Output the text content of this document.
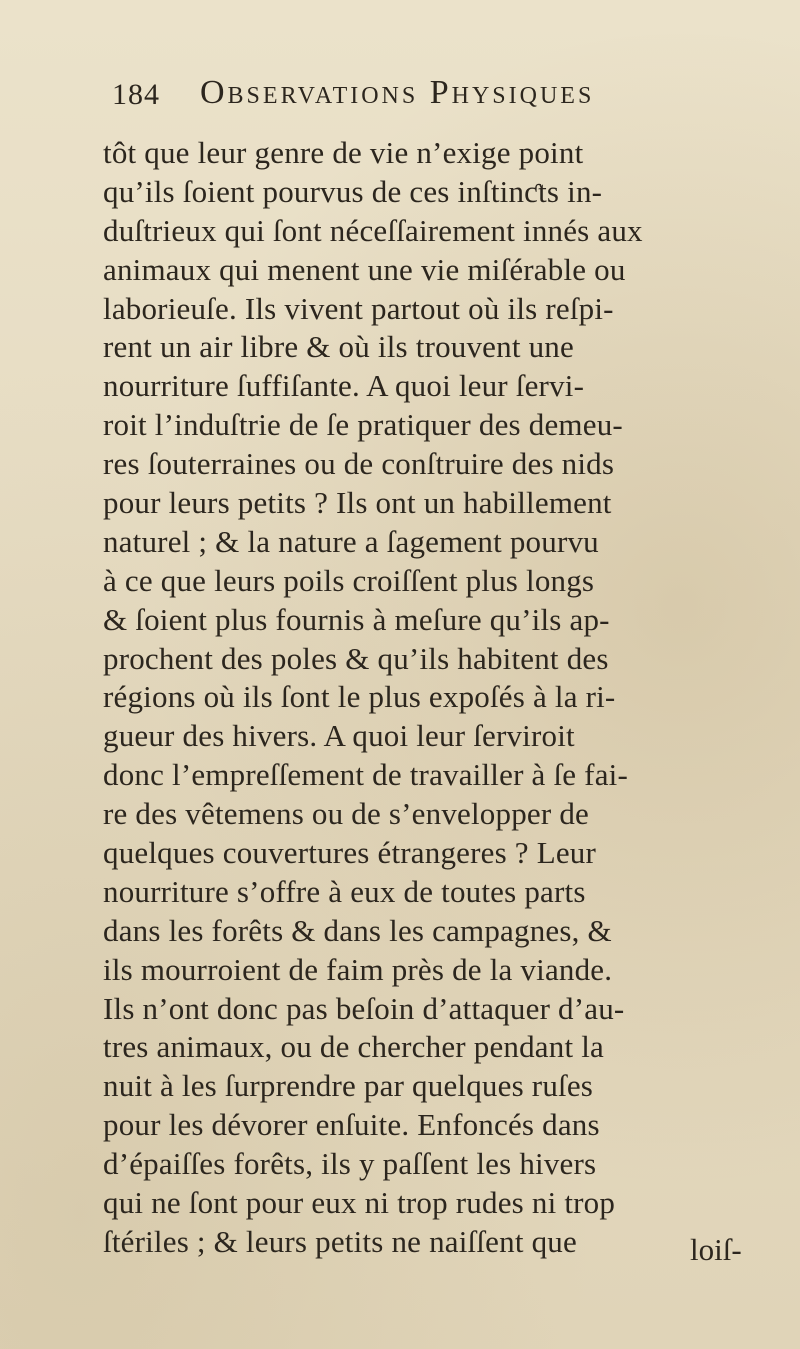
184 Observations Physiques
tôt que leur genre de vie n’exige point
qu’ils ſoient pourvus de ces inſtinƈts in-
duſtrieux qui ſont néceſſairement innés aux
animaux qui menent une vie miſérable ou
laborieuſe. Ils vivent partout où ils reſpi-
rent un air libre & où ils trouvent une
nourriture ſuffiſante. A quoi leur ſervi-
roit l’induſtrie de ſe pratiquer des demeu-
res ſouterraines ou de conſtruire des nids
pour leurs petits ? Ils ont un habillement
naturel ; & la nature a ſagement pourvu
à ce que leurs poils croiſſent plus longs
& ſoient plus fournis à meſure qu’ils ap-
prochent des poles & qu’ils habitent des
régions où ils ſont le plus expoſés à la ri-
gueur des hivers. A quoi leur ſerviroit
donc l’empreſſement de travailler à ſe fai-
re des vêtemens ou de s’envelopper de
quelques couvertures étrangeres ? Leur
nourriture s’offre à eux de toutes parts
dans les forêts & dans les campagnes, &
ils mourroient de faim près de la viande.
Ils n’ont donc pas beſoin d’attaquer d’au-
tres animaux, ou de chercher pendant la
nuit à les ſurprendre par quelques ruſes
pour les dévorer enſuite. Enfoncés dans
d’épaiſſes forêts, ils y paſſent les hivers
qui ne ſont pour eux ni trop rudes ni trop
ſtériles ; & leurs petits ne naiſſent que	loiſ-
